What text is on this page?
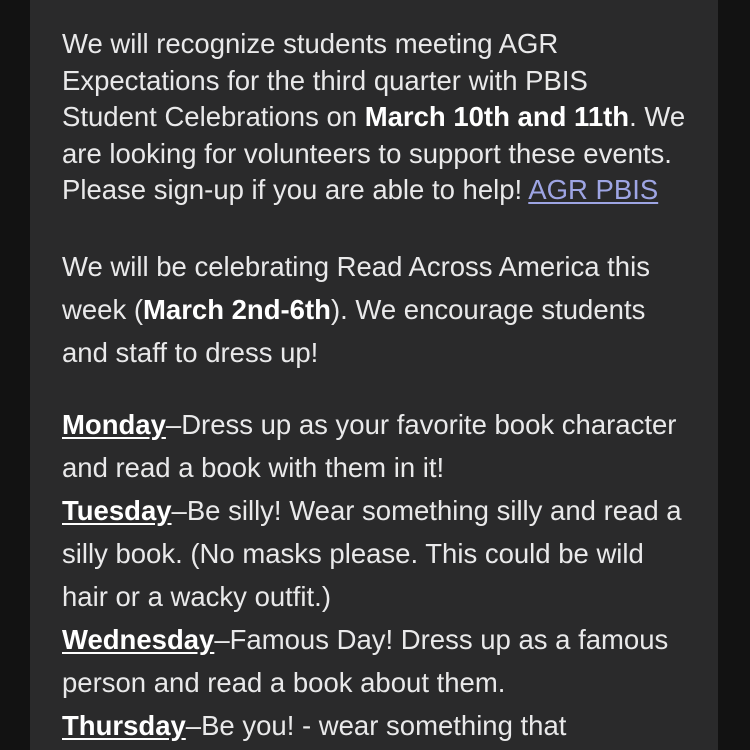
We will recognize students meeting AGR Expectations for the third quarter with PBIS Student Celebrations on March 10th and 11th. We are looking for volunteers to support these events. Please sign-up if you are able to help! AGR PBIS

We will be celebrating Read Across America this week (March 2nd-6th). We encourage students and staff to dress up!

Monday–Dress up as your favorite book character and read a book with them in it!
Tuesday–Be silly! Wear something silly and read a silly book. (No masks please. This could be wild hair or a wacky outfit.)
Wednesday–Famous Day! Dress up as a famous person and read a book about them.
Thursday–Be you! - wear something that
